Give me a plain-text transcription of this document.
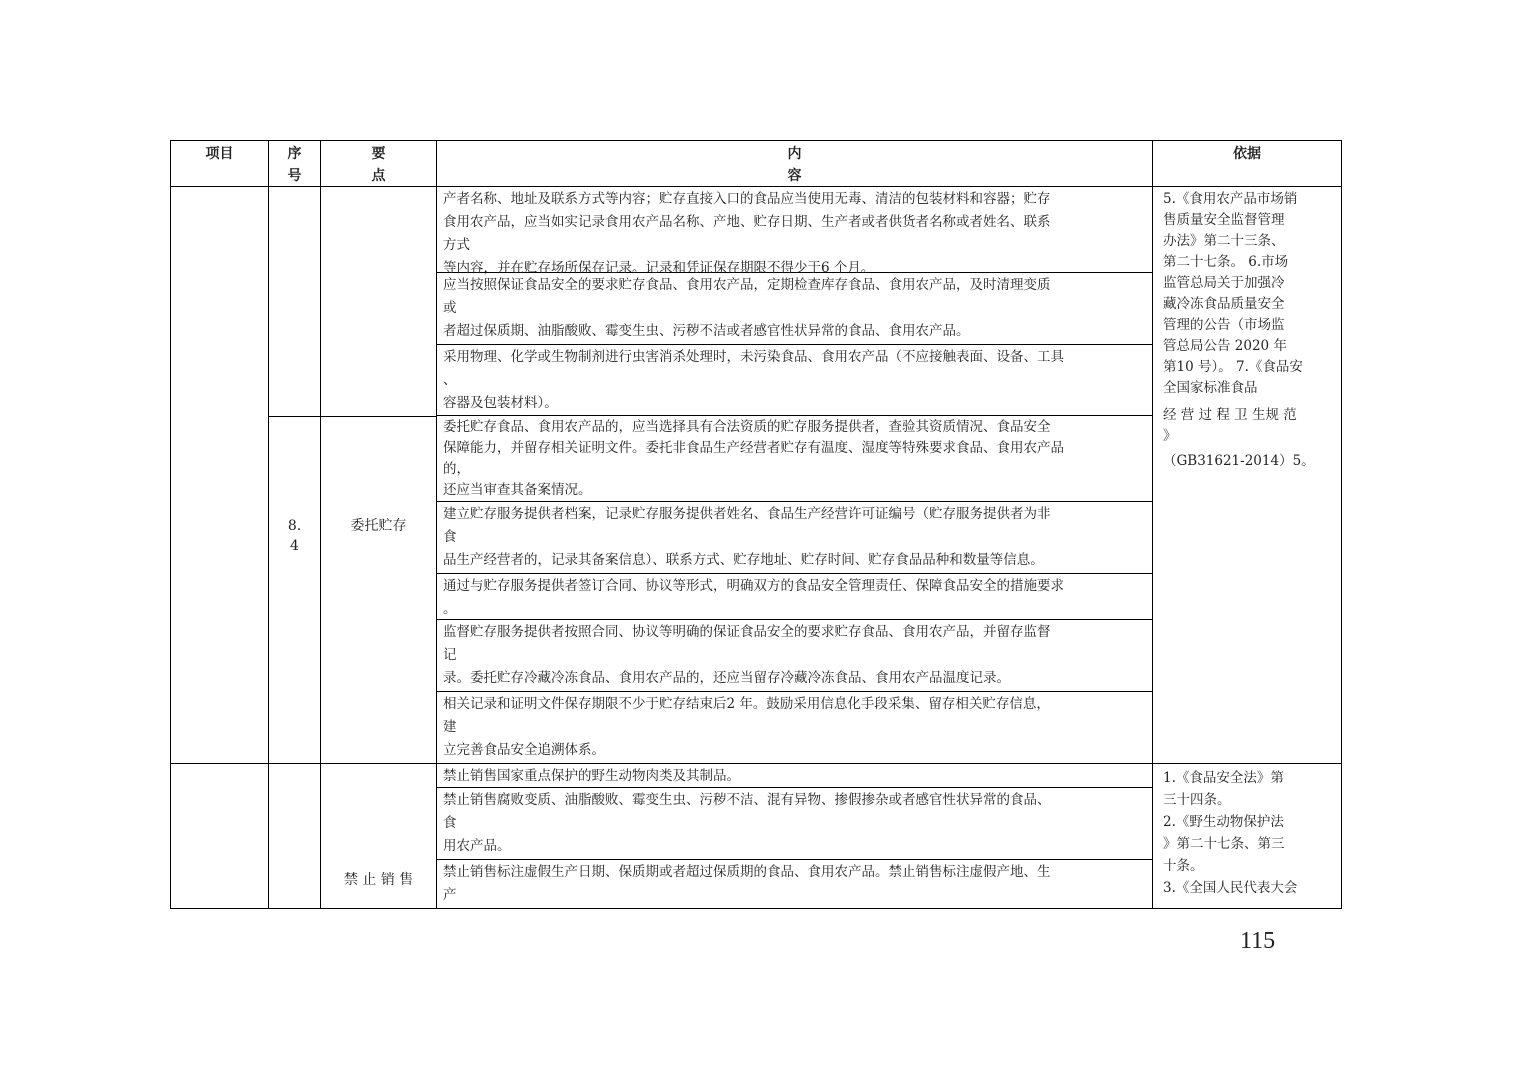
项目	序
号
要
点
内
容
依据
8.
4
委托贮存
产者名称、地址及联系方式等内容；贮存直接入口的食品应当使用无毒、清洁的包装材料和容器；贮存
食用农产品，应当如实记录食用农产品名称、产地、贮存日期、生产者或者供货者名称或者姓名、联系
方式
等内容，并在贮存场所保存记录。记录和凭证保存期限不得少于6 个月。
应当按照保证食品安全的要求贮存食品、食用农产品，定期检查库存食品、食用农产品，及时清理变质
或
者超过保质期、油脂酸败、霉变生虫、污秽不洁或者感官性状异常的食品、食用农产品。
采用物理、化学或生物制剂进行虫害消杀处理时，未污染食品、食用农产品（不应接触表面、设备、工具
、
容器及包装材料）。
委托贮存食品、食用农产品的，应当选择具有合法资质的贮存服务提供者，查验其资质情况、食品安全
保障能力，并留存相关证明文件。委托非食品生产经营者贮存有温度、湿度等特殊要求食品、食用农产品
的，
还应当审查其备案情况。
建立贮存服务提供者档案，记录贮存服务提供者姓名、食品生产经营许可证编号（贮存服务提供者为非
食
品生产经营者的，记录其备案信息）、联系方式、贮存地址、贮存时间、贮存食品品种和数量等信息。
通过与贮存服务提供者签订合同、协议等形式，明确双方的食品安全管理责任、保障食品安全的措施要求
。
监督贮存服务提供者按照合同、协议等明确的保证食品安全的要求贮存食品、食用农产品，并留存监督
记
录。委托贮存冷藏冷冻食品、食用农产品的，还应当留存冷藏冷冻食品、食用农产品温度记录。
相关记录和证明文件保存期限不少于贮存结束后2 年。鼓励采用信息化手段采集、留存相关贮存信息，
建
立完善食品安全追溯体系。

5.《食用农产品市场销

售质量安全监督管理

办法》第二十三条、

第二十七条。 6.市场

监管总局关于加强冷

藏冷冻食品质量安全

管理的公告（市场监

管总局公告 2020 年

第10 号）。 7.《食品安

全国家标准食品

经 营 过 程 卫 生规 范

》

（GB31621-2014）5。

禁 止 销 售
禁止销售国家重点保护的野生动物肉类及其制品。
禁止销售腐败变质、油脂酸败、霉变生虫、污秽不洁、混有异物、掺假掺杂或者感官性状异常的食品、
食
用农产品。
禁止销售标注虚假生产日期、保质期或者超过保质期的食品、食用农产品。禁止销售标注虚假产地、生
产

1.《食品安全法》第

三十四条。

2.《野生动物保护法

》第二十七条、第三

十条。

3.《全国人民代表大会

115
